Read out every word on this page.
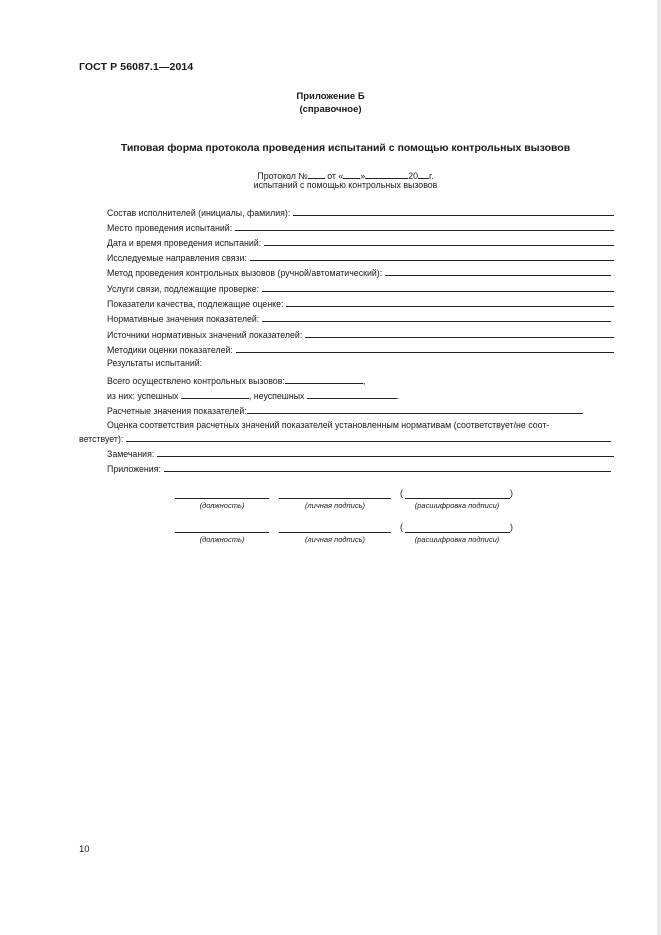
ГОСТ Р 56087.1—2014
Приложение Б
(справочное)
Типовая форма протокола проведения испытаний с помощью контрольных вызовов
Протокол № от « »	20 г.
испытаний с помощью контрольных вызовов
Состав исполнителей (инициалы, фамилия):
Место проведения испытаний:
Дата и время проведения испытаний:
Исследуемые направления связи:
Метод проведения контрольных вызовов (ручной/автоматический):
Услуги связи, подлежащие проверке:
Показатели качества, подлежащие оценке:
Нормативные значения показателей:
Источники нормативных значений показателей:
Методики оценки показателей:
Результаты испытаний:
Всего осуществлено контрольных вызовов:	,
из них: успешных	, неуспешных	.
Расчетные значения показателей:
Оценка соответствия расчетных значений показателей установленным нормативам (соответствует/не соот-
ветствует):
Замечания:
Приложения:
(	)
(должность)	(личная подпись)	(расшифровка подписи)
(	)
(должность)	(личная подпись)	(расшифровка подписи)
10
